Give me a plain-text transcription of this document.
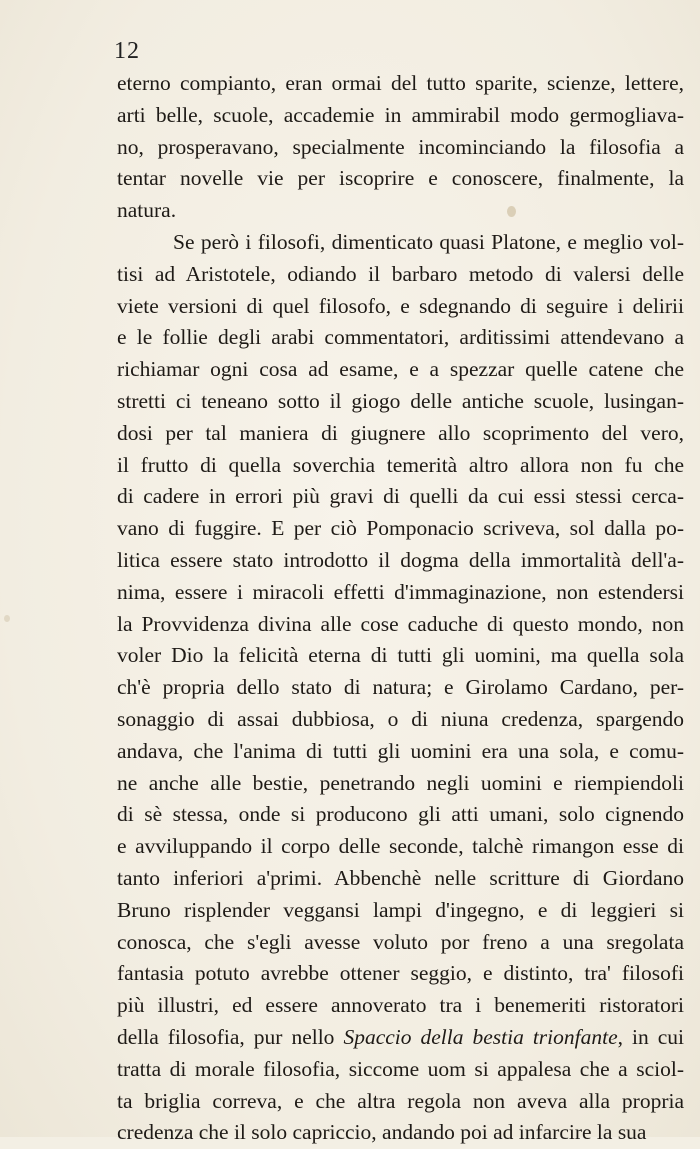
12
eterno compianto, eran ormai del tutto sparite, scienze, lettere,
arti belle, scuole, accademie in ammirabil modo germogliava-
no, prosperavano, specialmente incominciando la filosofia a
tentar novelle vie per iscoprire e conoscere, finalmente, la
natura.
Se però i filosofi, dimenticato quasi Platone, e meglio vol-
tisi ad Aristotele, odiando il barbaro metodo di valersi delle
viete versioni di quel filosofo, e sdegnando di seguire i delirii
e le follie degli arabi commentatori, arditissimi attendevano a
richiamar ogni cosa ad esame, e a spezzar quelle catene che
stretti ci teneano sotto il giogo delle antiche scuole, lusingan-
dosi per tal maniera di giugnere allo scoprimento del vero,
il frutto di quella soverchia temerità altro allora non fu che
di cadere in errori più gravi di quelli da cui essi stessi cerca-
vano di fuggire. E per ciò Pomponacio scriveva, sol dalla po-
litica essere stato introdotto il dogma della immortalità dell'a-
nima, essere i miracoli effetti d'immaginazione, non estendersi
la Provvidenza divina alle cose caduche di questo mondo, non
voler Dio la felicità eterna di tutti gli uomini, ma quella sola
ch'è propria dello stato di natura; e Girolamo Cardano, per-
sonaggio di assai dubbiosa, o di niuna credenza, spargendo
andava, che l'anima di tutti gli uomini era una sola, e comu-
ne anche alle bestie, penetrando negli uomini e riempiendoli
di sè stessa, onde si producono gli atti umani, solo cignendo
e avviluppando il corpo delle seconde, talchè rimangon esse di
tanto inferiori a'primi. Abbenchè nelle scritture di Giordano
Bruno risplender veggansi lampi d'ingegno, e di leggieri si
conosca, che s'egli avesse voluto por freno a una sregolata
fantasia potuto avrebbe ottener seggio, e distinto, tra' filosofi
più illustri, ed essere annoverato tra i benemeriti ristoratori
della filosofia, pur nello Spaccio della bestia trionfante, in cui
tratta di morale filosofia, siccome uom si appalesa che a sciol-
ta briglia correva, e che altra regola non aveva alla propria
credenza che il solo capriccio, andando poi ad infarcire la sua
